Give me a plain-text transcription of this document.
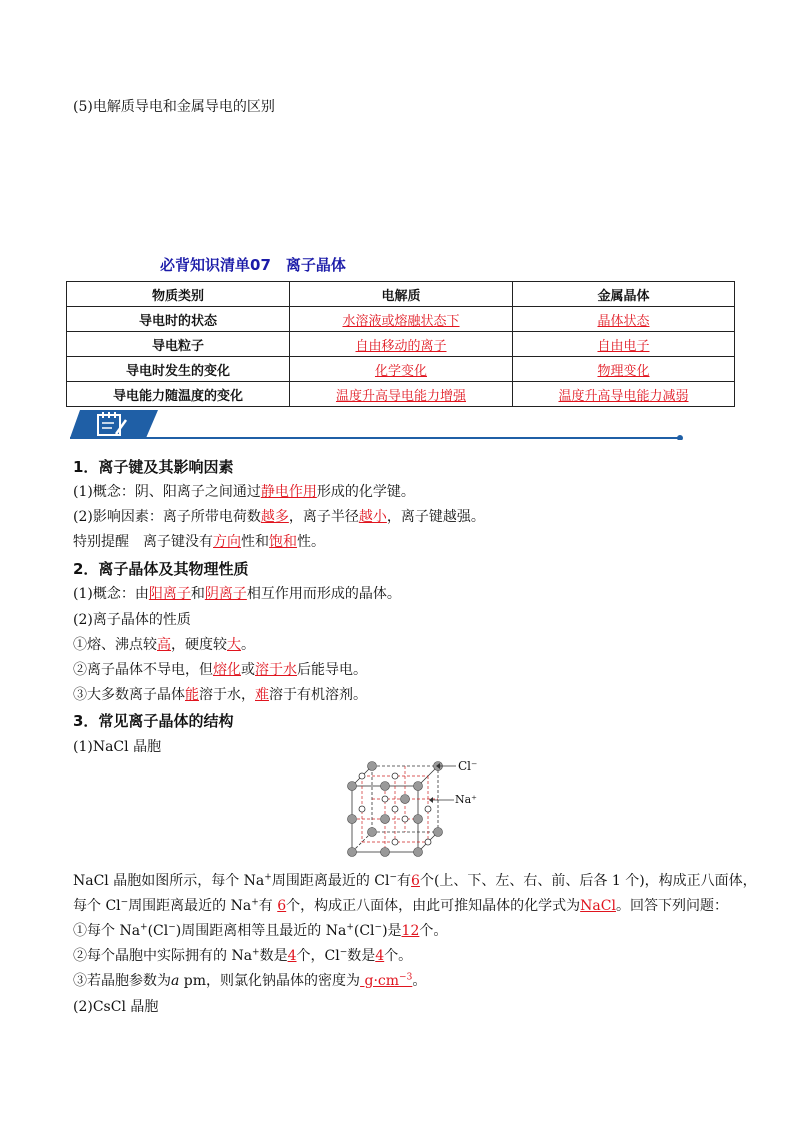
(5)电解质导电和金属导电的区别
必背知识清单07　离子晶体
物质类别	电解质	金属晶体
导电时的状态	水溶液或熔融状态下	晶体状态
导电粒子	自由移动的离子	自由电子
导电时发生的变化	化学变化	物理变化
导电能力随温度的变化	温度升高导电能力增强	温度升高导电能力减弱
1．离子键及其影响因素
(1)概念：阴、阳离子之间通过静电作用形成的化学键。
(2)影响因素：离子所带电荷数越多，离子半径越小，离子键越强。
特别提醒　离子键没有方向性和饱和性。
2．离子晶体及其物理性质
(1)概念：由阳离子和阴离子相互作用而形成的晶体。
(2)离子晶体的性质
①熔、沸点较高，硬度较大。
②离子晶体不导电，但熔化或溶于水后能导电。
③大多数离子晶体能溶于水，难溶于有机溶剂。
3．常见离子晶体的结构
(1)NaCl 晶胞
Cl⁻
Na⁺
NaCl 晶胞如图所示，每个 Na+周围距离最近的 Cl−有6个(上、下、左、右、前、后各 1 个)，构成正八面体，
每个 Cl−周围距离最近的 Na+有 6个，构成正八面体，由此可推知晶体的化学式为NaCl。回答下列问题：
①每个 Na+(Cl−)周围距离相等且最近的 Na+(Cl−)是12个。
②每个晶胞中实际拥有的 Na+数是4个，Cl−数是4个。
③若晶胞参数为a pm，则氯化钠晶体的密度为 $g\cdot cm^{-3}$。
(2)CsCl 晶胞
